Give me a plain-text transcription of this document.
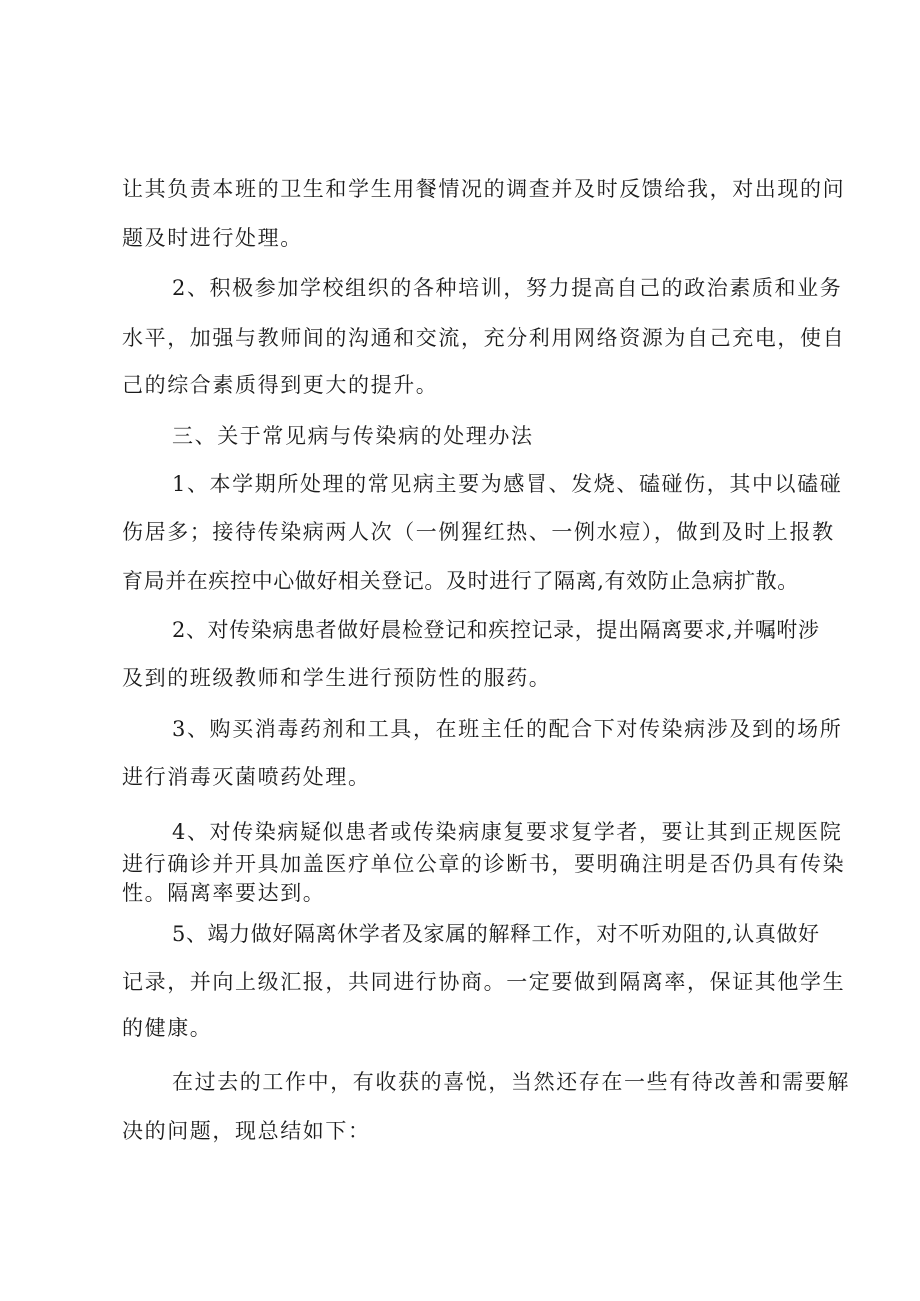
让其负责本班的卫生和学生用餐情况的调查并及时反馈给我，对出现的问
题及时进行处理。
2、积极参加学校组织的各种培训，努力提高自己的政治素质和业务
水平，加强与教师间的沟通和交流，充分利用网络资源为自己充电，使自
己的综合素质得到更大的提升。
三、关于常见病与传染病的处理办法
1、本学期所处理的常见病主要为感冒、发烧、磕碰伤，其中以磕碰
伤居多；接待传染病两人次（一例猩红热、一例水痘），做到及时上报教
育局并在疾控中心做好相关登记。及时进行了隔离,有效防止急病扩散。
2、对传染病患者做好晨检登记和疾控记录，提出隔离要求,并嘱咐涉
及到的班级教师和学生进行预防性的服药。
3、购买消毒药剂和工具，在班主任的配合下对传染病涉及到的场所
进行消毒灭菌喷药处理。
4、对传染病疑似患者或传染病康复要求复学者，要让其到正规医院
进行确诊并开具加盖医疗单位公章的诊断书，要明确注明是否仍具有传染
性。隔离率要达到。
5、竭力做好隔离休学者及家属的解释工作，对不听劝阻的,认真做好
记录，并向上级汇报，共同进行协商。一定要做到隔离率，保证其他学生
的健康。
在过去的工作中，有收获的喜悦，当然还存在一些有待改善和需要解
决的问题，现总结如下：
